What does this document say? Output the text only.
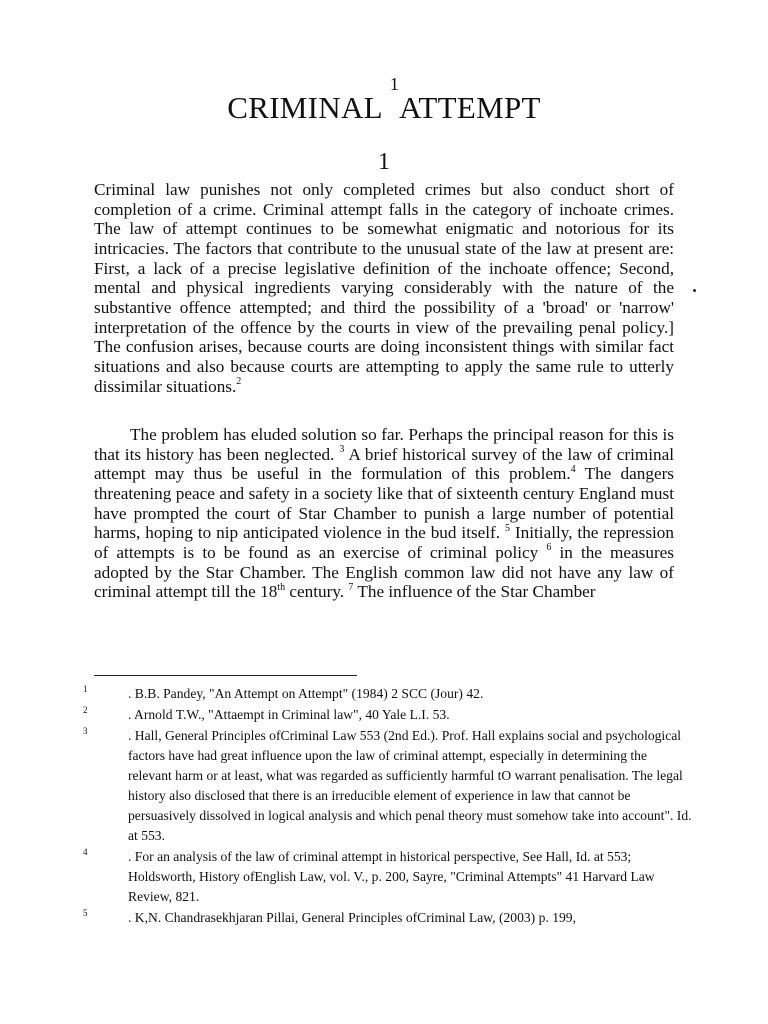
CRIMINAL $^1$ATTEMPT
1

Criminal law punishes not only completed crimes but also conduct short of completion of a crime. Criminal attempt falls in the category of inchoate crimes. The law of attempt continues to be somewhat enigmatic and notorious for its intricacies. The factors that contribute to the unusual state of the law at present are: First, a lack of a precise legislative definition of the inchoate offence; Second, mental and physical ingredients varying considerably with the nature of the substantive offence attempted; and third the possibility of a 'broad' or 'narrow' interpretation of the offence by the courts in view of the prevailing penal policy.] The confusion arises, because courts are doing inconsistent things with similar fact situations and also because courts are attempting to apply the same rule to utterly dissimilar situations.$^2$

The problem has eluded solution so far. Perhaps the principal reason for this is that its history has been neglected. $^3$ A brief historical survey of the law of criminal attempt may thus be useful in the formulation of this problem.$^4$ The dangers threatening peace and safety in a society like that of sixteenth century England must have prompted the court of Star Chamber to punish a large number of potential harms, hoping to nip anticipated violence in the bud itself. $^5$ Initially, the repression of attempts is to be found as an exercise of criminal policy $^6$ in the measures adopted by the Star Chamber. The English common law did not have any law of criminal attempt till the 18th century. $^7$ The influence of the Star Chamber

1	. B.B. Pandey, "An Attempt on Attempt" (1984) 2 SCC (Jour) 42.
2	. Arnold T.W., "Attaempt in Criminal law", 40 Yale L.I. 53.
3	. Hall, General Principles ofCriminal Law 553 (2nd Ed.). Prof. Hall explains social and psychological factors have had great influence upon the law of criminal attempt, especially in determining the relevant harm or at least, what was regarded as sufficiently harmful tO warrant penalisation. The legal history also disclosed that there is an irreducible element of experience in law that cannot be persuasively dissolved in logical analysis and which penal theory must somehow take into account". Id. at 553.
4	. For an analysis of the law of criminal attempt in historical perspective, See Hall, Id. at 553; Holdsworth, History ofEnglish Law, vol. V., p. 200, Sayre, "Criminal Attempts" 41 Harvard Law Review, 821.
5	. K,N. Chandrasekhjaran Pillai, General Principles ofCriminal Law, (2003) p. 199,
